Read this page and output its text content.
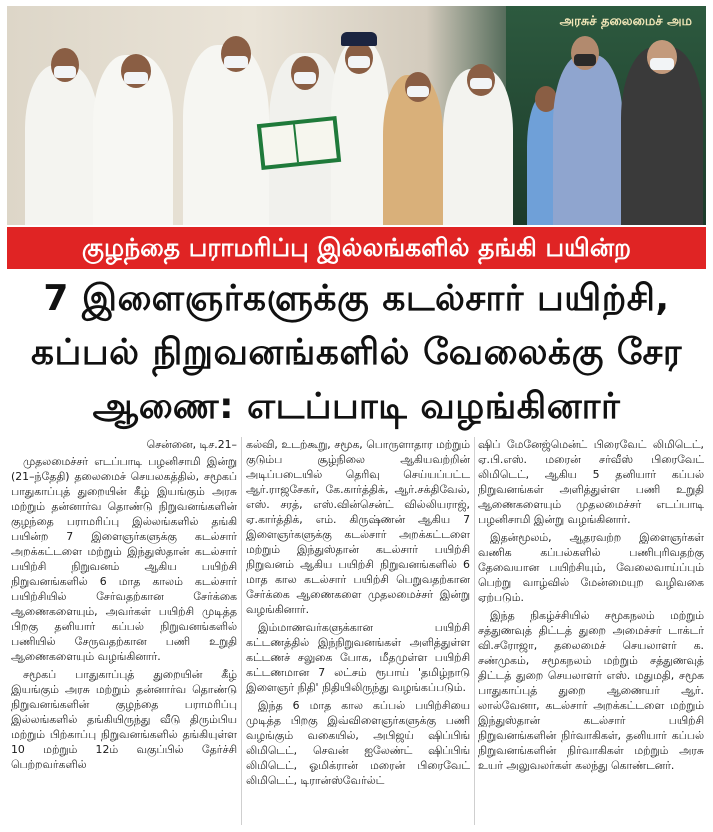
அரசுச் தலைமைச் அம
குழந்தை பராமரிப்பு இல்லங்களில் தங்கி பயின்ற
7 இளைஞர்களுக்கு கடல்சார் பயிற்சி,
கப்பல் நிறுவனங்களில் வேலைக்கு சேர
ஆணை: எடப்பாடி வழங்கினார்
சென்னை, டிச.21–

முதலமைச்சர் எடப்பாடி பழனிசாமி இன்று (21–ந்தேதி) தலைமைச் செயலகத்தில், சமூகப் பாதுகாப்புத் துறையின் கீழ் இயங்கும் அரசு மற்றும் தன்னார்வ தொண்டு நிறுவனங்களின் குழந்தை பராமரிப்பு இல்லங்களில் தங்கி பயின்ற 7 இளைஞர்களுக்கு கடல்சார் அறக்கட்டளை மற்றும் இந்துஸ்தான் கடல்சார் பயிற்சி நிறுவனம் ஆகிய பயிற்சி நிறுவனங்களில் 6 மாத காலம் கடல்சார் பயிற்சியில் சேர்வதற்கான சேர்க்கை ஆணைகளையும், அவர்கள் பயிற்சி முடித்த பிறகு தனியார் கப்பல் நிறுவனங்களில் பணியில் சேருவதற்கான பணி உறுதி ஆணைகளையும் வழங்கினார்.

சமூகப் பாதுகாப்புத் துறையின் கீழ் இயங்கும் அரசு மற்றும் தன்னார்வ தொண்டு நிறுவனங்களின் குழந்தை பராமரிப்பு இல்லங்களில் தங்கியிருந்து வீடு திரும்பிய மற்றும் பிற்காப்பு நிறுவனங்களில் தங்கியுள்ள 10 மற்றும் 12ம் வகுப்பில் தேர்ச்சி பெற்றவர்களில்

கல்வி, உடற்கூறு, சமூக, பொருளாதார மற்றும் குடும்ப சூழ்நிலை ஆகியவற்றின் அடிப்படையில் தெரிவு செய்யப்பட்ட ஆர்.ராஜசேகர், கே.கார்த்திக், ஆர்.சக்திவேல், எஸ். சரத், எஸ்.வின்சென்ட் வில்லியராஜ், ஏ.கார்த்திக், எம். கிருஷ்ணன் ஆகிய 7 இளைஞர்களுக்கு கடல்சார் அறக்கட்டளை மற்றும் இந்துஸ்தான் கடல்சார் பயிற்சி நிறுவனம் ஆகிய பயிற்சி நிறுவனங்களில் 6 மாத கால கடல்சார் பயிற்சி பெறுவதற்கான சேர்க்கை ஆணைகளை முதலமைச்சர் இன்று வழங்கினார்.

இம்மாணவர்களுக்கான பயிற்சி கட்டணத்தில் இந்நிறுவனங்கள் அளித்துள்ள கட்டணச் சலுகை போக, மீதமுள்ள பயிற்சி கட்டணமான 7 லட்சம் ரூபாய் 'தமிழ்நாடு இளைஞர் நிதி' நிதியிலிருந்து வழங்கப்படும்.

இந்த 6 மாத கால கப்பல் பயிற்சியை முடித்த பிறகு இவ்விளைஞர்களுக்கு பணி வழங்கும் வகையில், அபிஜய் ஷிப்பிங் லிமிடெட், செவன் ஐலேண்ட் ஷிப்பிங் லிமிடெட், ஓமிக்ரான் மரைன் பிரைவேட் லிமிடெட், டிரான்ஸ்வேர்ல்ட்

ஷிப் மேனேஜ்மென்ட் பிரைவேட் லிமிடெட், ஏ.பி.எஸ். மரைன் சர்வீஸ் பிரைவேட் லிமிடெட், ஆகிய 5 தனியார் கப்பல் நிறுவனங்கள் அளித்துள்ள பணி உறுதி ஆணைகளையும் முதலமைச்சர் எடப்பாடி பழனிசாமி இன்று வழங்கினார்.

இதன்மூலம், ஆதரவற்ற இளைஞர்கள் வணிக கப்பல்களில் பணிபுரிவதற்கு தேவையான பயிற்சியும், வேலைவாய்ப்பும் பெற்று வாழ்வில் மேன்மையுற வழிவகை ஏற்படும்.

இந்த நிகழ்ச்சியில் சமூகநலம் மற்றும் சத்துணவுத் திட்டத் துறை அமைச்சர் டாக்டர் வி.சரோஜா, தலைமைச் செயலாளர் க. சண்முகம், சமூகநலம் மற்றும் சத்துணவுத் திட்டத் துறை செயலாளர் எஸ். மதுமதி, சமூக பாதுகாப்புத் துறை ஆணையர் ஆர். லால்வேனா, கடல்சார் அறக்கட்டளை மற்றும் இந்துஸ்தான் கடல்சார் பயிற்சி நிறுவனங்களின் நிர்வாகிகள், தனியார் கப்பல் நிறுவனங்களின் நிர்வாகிகள் மற்றும் அரசு உயர் அலுவலர்கள் கலந்து கொண்டனர்.
